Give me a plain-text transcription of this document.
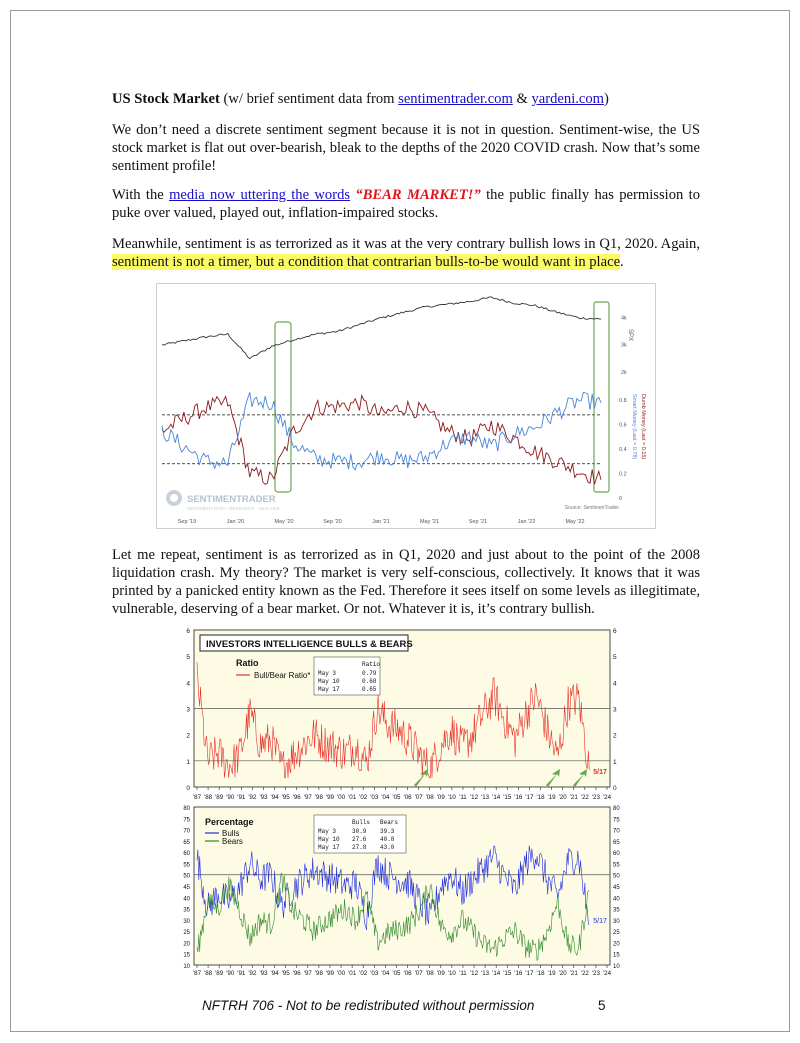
US Stock Market (w/ brief sentiment data from sentimentrader.com & yardeni.com)

We don’t need a discrete sentiment segment because it is not in question. Sentiment-wise, the US stock market is flat out over-bearish, bleak to the depths of the 2020 COVID crash. Now that’s some sentiment profile!

With the media now uttering the words “BEAR MARKET!” the public finally has permission to puke over valued, played out, inflation-impaired stocks.

Meanwhile, sentiment is as terrorized as it was at the very contrary bullish lows in Q1, 2020. Again, sentiment is not a timer, but a condition that contrarian bulls-to-be would want in place.

4k
3k
2k
SPX
0.8
0.6
0.4
0.2
0
Dumb Money (Last = 0.15)
Smart Money (Last = 0.78)
Sep '19	Jan '20	May '20	Sep '20	Jan '21	May '21	Sep '21	Jan '22	May '22
SENTIMENTRADER
SENTIMENT DATA · RESEARCH · ANALYSIS	Source: SentimenTrader

Let me repeat, sentiment is as terrorized as in Q1, 2020 and just about to the point of the 2008 liquidation crash. My theory? The market is very self-conscious, collectively. It knows that it was printed by a panicked entity known as the Fed. Therefore it sees itself on some levels as illegitimate, vulnerable, deserving of a bear market. Or not. Whatever it is, it’s contrary bullish.

0	0
1	1
2	2
3	3
4	4
5	5
6	6
10	10
15	15
20	20
25	25
30	30
35	35
40	40
45	45
50	50
55	55
60	60
65	65
70	70
75	75
80	80
'87
'87
'88
'88
'89
'89
'90
'90
'91
'91
'92
'92
'93
'93
'94
'94
'95
'95
'96
'96
'97
'97
'98
'98
'99
'99
'00
'00
'01
'01
'02
'02
'03
'03
'04
'04
'05
'05
'06
'06
'07
'07
'08
'08
'09
'09
'10
'10
'11
'11
'12
'12
'13
'13
'14
'14
'15
'15
'16
'16
'17
'17
'18
'18
'19
'19
'20
'20
'21
'21
'22
'22
'23
'23
'24
'24
5/17
5/17
INVESTORS INTELLIGENCE BULLS & BEARS
Ratio
Bull/Bear Ratio*
Ratio
May 3	0.79
May 10	0.68
May 17	0.65
Percentage
Bulls
Bears
Bulls Bears
May 3	30.9 39.3
May 10 27.6 40.8
May 17 27.8 43.0
NFTRH 706 - Not to be redistributed without permission	5
